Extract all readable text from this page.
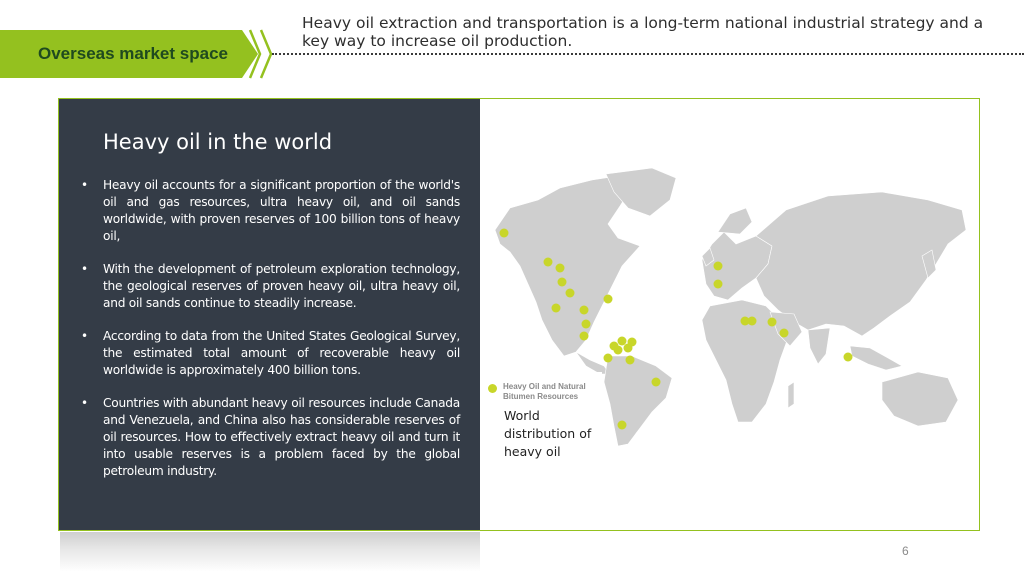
Overseas market space
Heavy oil extraction and transportation is a long-term national industrial strategy and a key way to increase oil production.
Heavy oil in the world
• Heavy oil accounts for a significant proportion of the world's oil and gas resources, ultra heavy oil, and oil sands worldwide, with proven reserves of 100 billion tons of heavy oil,
• With the development of petroleum exploration technology, the geological reserves of proven heavy oil, ultra heavy oil, and oil sands continue to steadily increase.
• According to data from the United States Geological Survey, the estimated total amount of recoverable heavy oil worldwide is approximately 400 billion tons.
• Countries with abundant heavy oil resources include Canada and Venezuela, and China also has considerable reserves of oil resources. How to effectively extract heavy oil and turn it into usable reserves is a problem faced by the global petroleum industry.
Heavy Oil and Natural Bitumen Resources
World distribution of heavy oil
6
